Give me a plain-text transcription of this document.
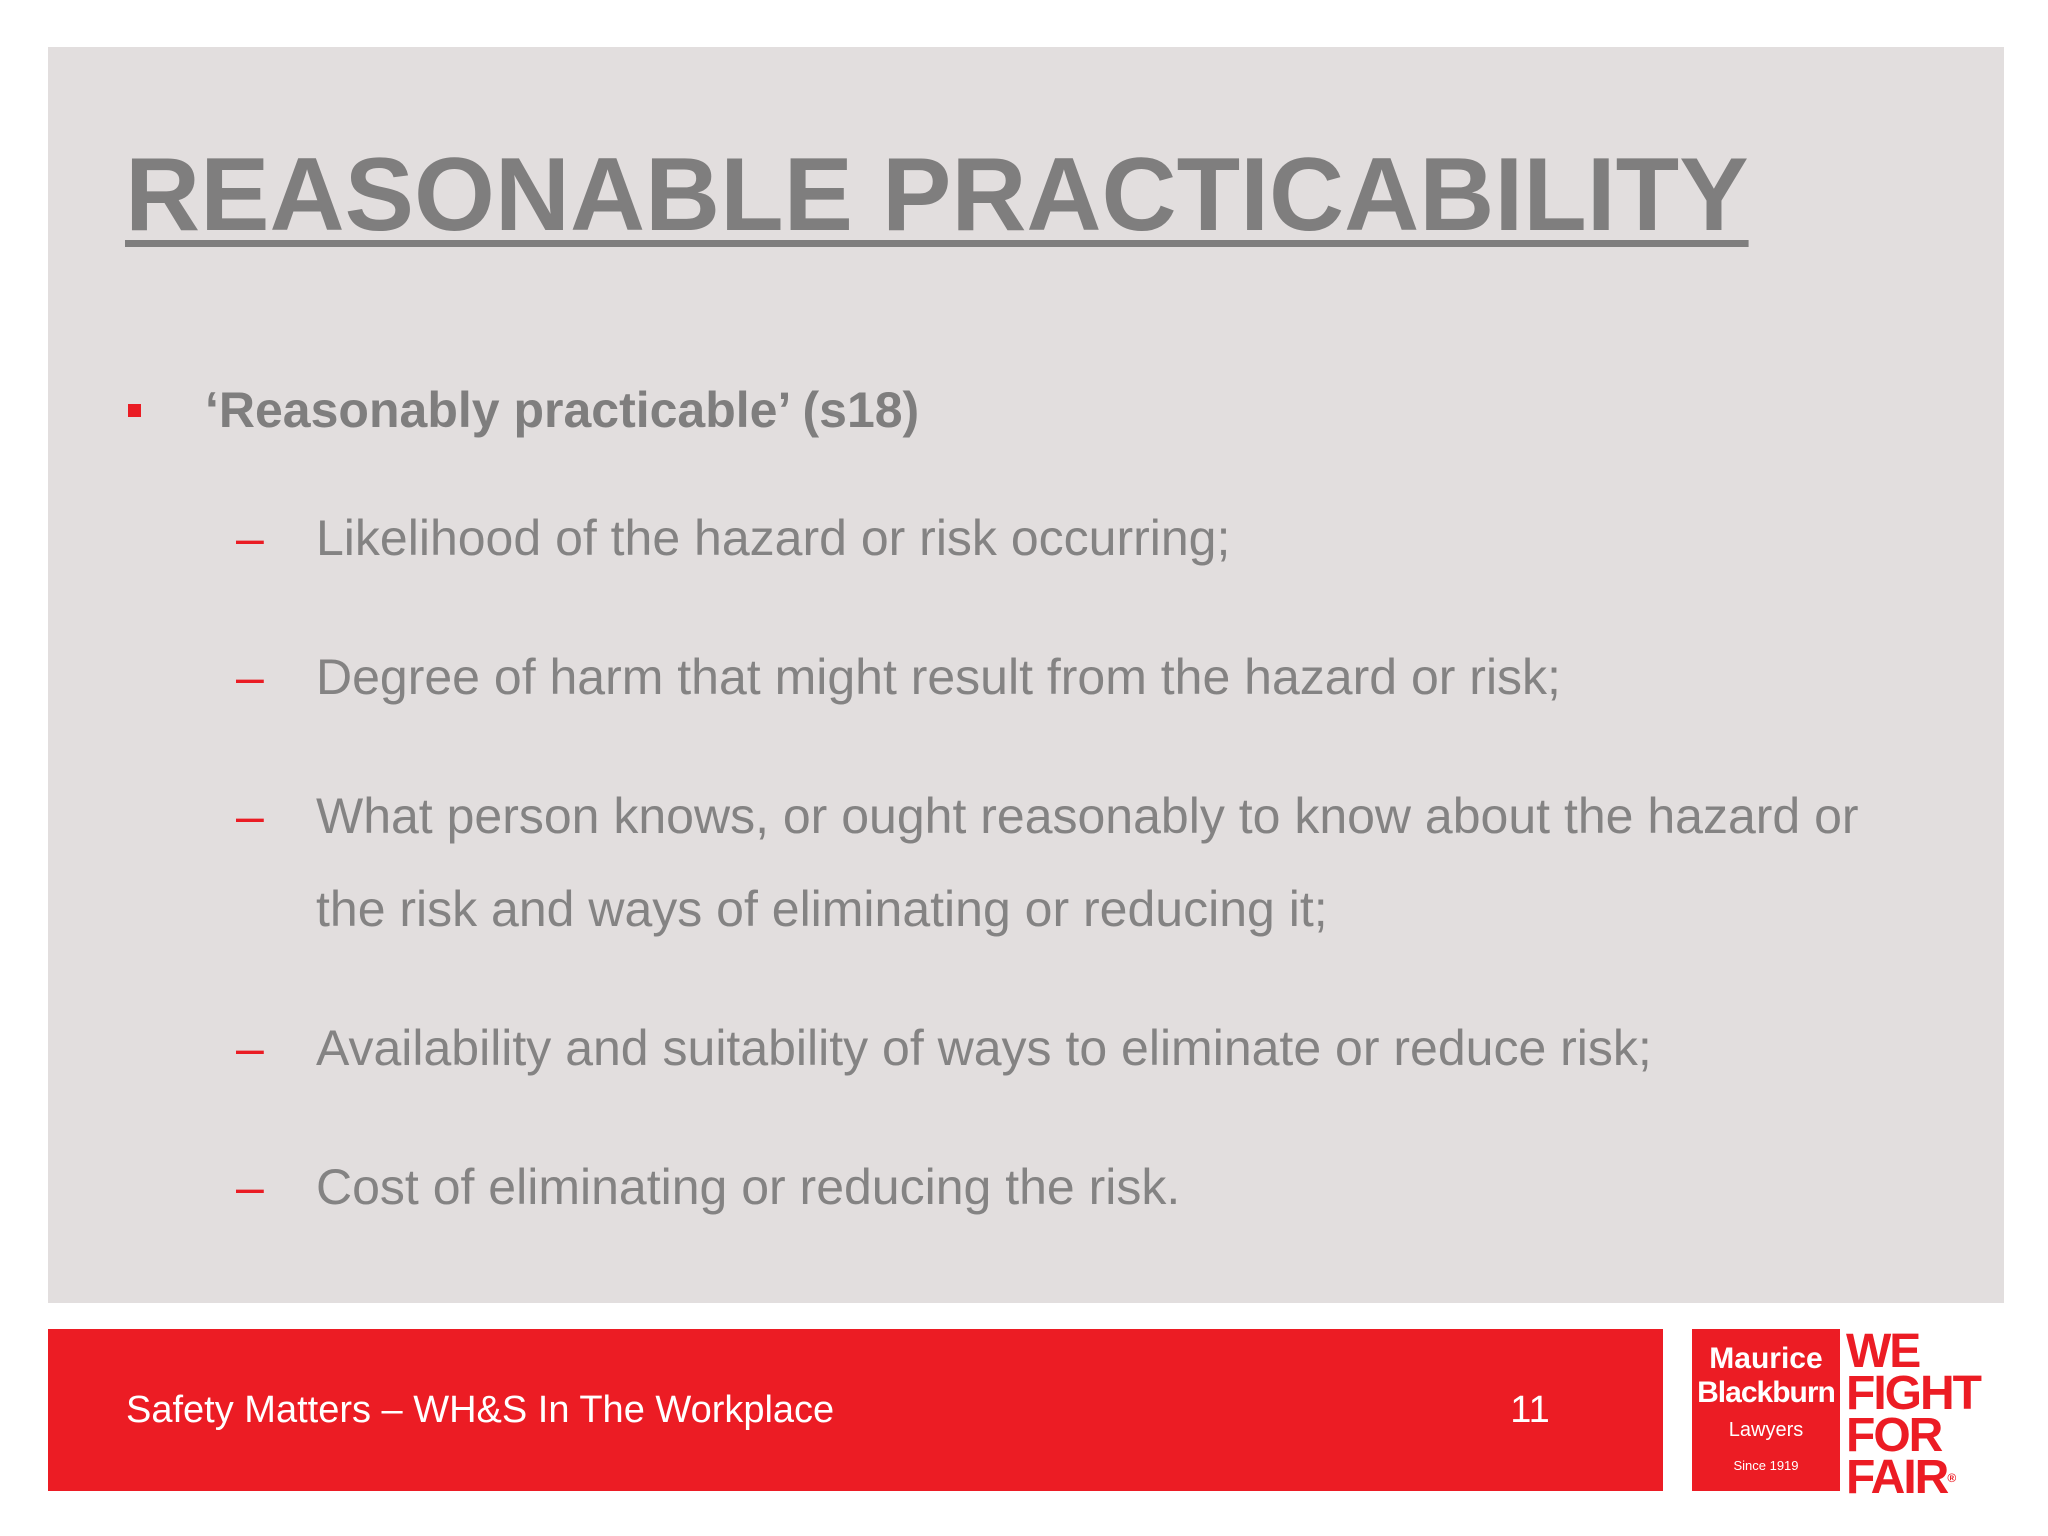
REASONABLE PRACTICABILITY
‘Reasonably practicable’ (s18)
–	Likelihood of the hazard or risk occurring;
–	Degree of harm that might result from the hazard or risk;
–	What person knows, or ought reasonably to know about the hazard or the risk and ways of eliminating or reducing it;
–	Availability and suitability of ways to eliminate or reduce risk;
–	Cost of eliminating or reducing the risk.
Safety Matters – WH&S In The Workplace	11
Maurice
Blackburn
Lawyers
Since 1919
WE
FIGHT
FOR
FAIR®
